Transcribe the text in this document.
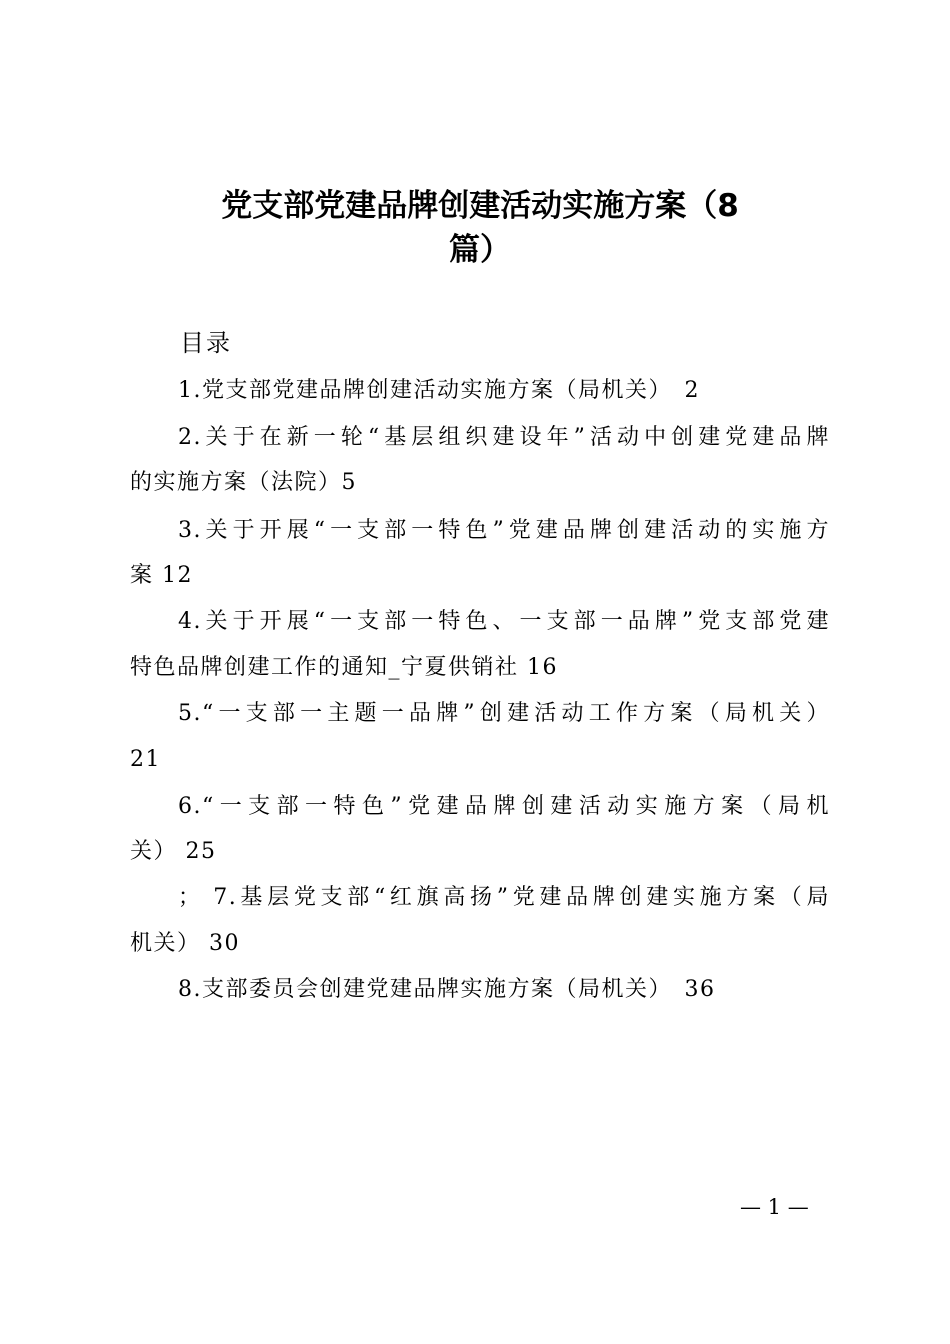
党支部党建品牌创建活动实施方案（8
篇）
目录
1.党支部党建品牌创建活动实施方案（局机关）　2
2.关于在新一轮“基层组织建设年”活动中创建党建品牌
的实施方案（法院）5
3.关于开展“一支部一特色”党建品牌创建活动的实施方
案 12
4.关于开展“一支部一特色、一支部一品牌”党支部党建
特色品牌创建工作的通知_宁夏供销社 16
5.“一支部一主题一品牌”创建活动工作方案（局机关）
21
6.“一支部一特色”党建品牌创建活动实施方案（局机
关） 25
； 7.基层党支部“红旗高扬”党建品牌创建实施方案（局
机关） 30
8.支部委员会创建党建品牌实施方案（局机关）　36
— 1 —
